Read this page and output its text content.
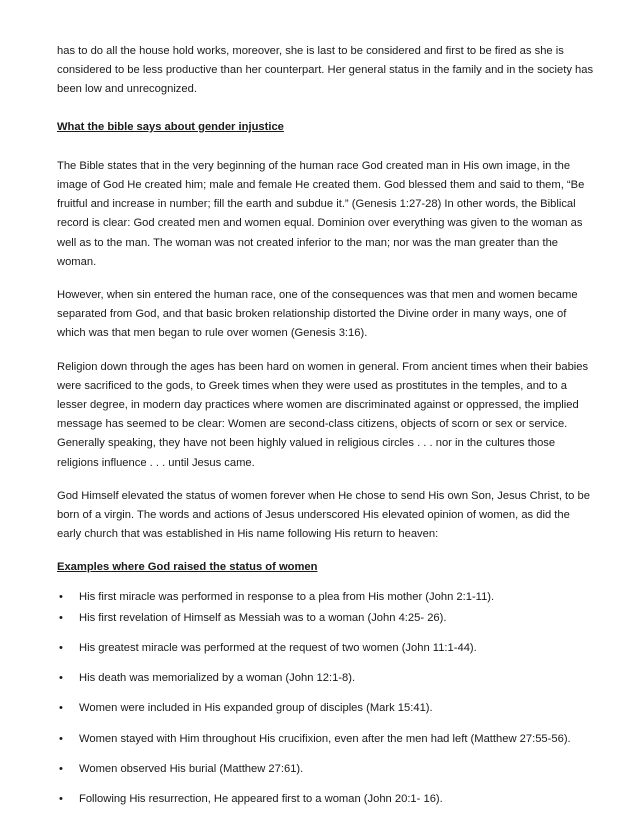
has to do all the house hold works, moreover, she is last to be considered and first to be fired as she is considered to be less productive than her counterpart. Her general status in the family and in the society has been low and unrecognized.

What the bible says about gender injustice

The Bible states that in the very beginning of the human race God created man in His own image, in the image of God He created him; male and female He created them. God blessed them and said to them, “Be fruitful and increase in number; fill the earth and subdue it.” (Genesis 1:27-28) In other words, the Biblical record is clear: God created men and women equal. Dominion over everything was given to the woman as well as to the man. The woman was not created inferior to the man; nor was the man greater than the woman.

However, when sin entered the human race, one of the consequences was that men and women became separated from God, and that basic broken relationship distorted the Divine order in many ways, one of which was that men began to rule over women (Genesis 3:16).

Religion down through the ages has been hard on women in general. From ancient times when their babies were sacrificed to the gods, to Greek times when they were used as prostitutes in the temples, and to a lesser degree, in modern day practices where women are discriminated against or oppressed, the implied message has seemed to be clear: Women are second-class citizens, objects of scorn or sex or service. Generally speaking, they have not been highly valued in religious circles . . . nor in the cultures those religions influence . . . until Jesus came.

God Himself elevated the status of women forever when He chose to send His own Son, Jesus Christ, to be born of a virgin. The words and actions of Jesus underscored His elevated opinion of women, as did the early church that was established in His name following His return to heaven:

Examples where God raised the status of women

• His first miracle was performed in response to a plea from His mother (John 2:1-11).
• His first revelation of Himself as Messiah was to a woman (John 4:25- 26).
• His greatest miracle was performed at the request of two women (John 11:1-44).
• His death was memorialized by a woman (John 12:1-8).
• Women were included in His expanded group of disciples (Mark 15:41).
• Women stayed with Him throughout His crucifixion, even after the men had left (Matthew 27:55-56).
• Women observed His burial (Matthew 27:61).
• Following His resurrection, He appeared first to a woman (John 20:1- 16).
